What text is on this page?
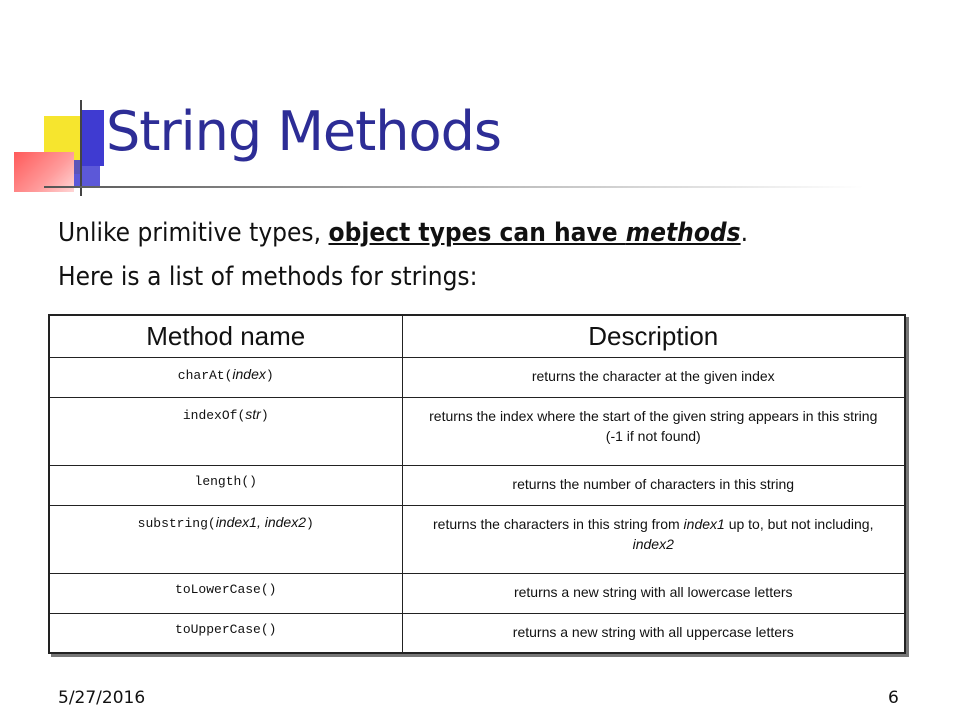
String Methods
Unlike primitive types, object types can have methods.
Here is a list of methods for strings:
Method name	Description
charAt(index)	returns the character at the given index
indexOf(str)	returns the index where the start of the given string appears in this string (-1 if not found)
length()	returns the number of characters in this string
substring(index1, index2)	returns the characters in this string from index1 up to, but not including, index2
toLowerCase()	returns a new string with all lowercase letters
toUpperCase()	returns a new string with all uppercase letters
5/27/2016	6
